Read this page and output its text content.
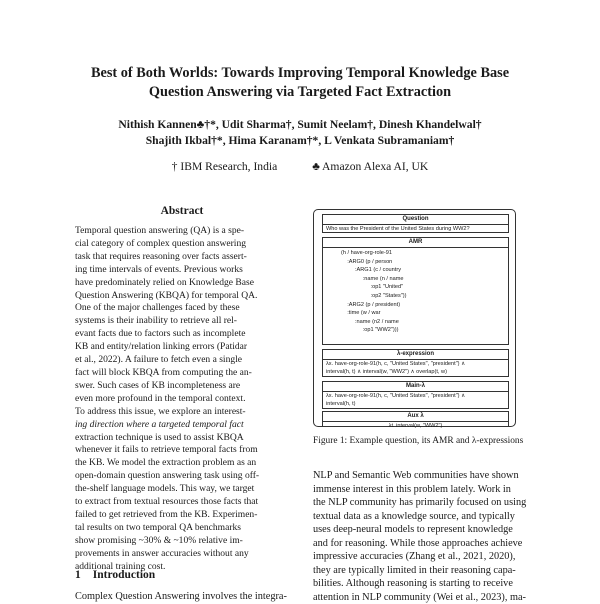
Best of Both Worlds: Towards Improving Temporal Knowledge Base
Question Answering via Targeted Fact Extraction
Nithish Kannen♣†*, Udit Sharma†, Sumit Neelam†, Dinesh Khandelwal†
Shajith Ikbal†*, Hima Karanam†*, L Venkata Subramaniam†
† IBM Research, India	♣ Amazon Alexa AI, UK
Abstract

Temporal question answering (QA) is a spe-

cial category of complex question answering

task that requires reasoning over facts assert-

ing time intervals of events. Previous works

have predominately relied on Knowledge Base

Question Answering (KBQA) for temporal QA.

One of the major challenges faced by these

systems is their inability to retrieve all rel-

evant facts due to factors such as incomplete

KB and entity/relation linking errors (Patidar

et al., 2022). A failure to fetch even a single

fact will block KBQA from computing the an-

swer. Such cases of KB incompleteness are

even more profound in the temporal context.

To address this issue, we explore an interest-

ing direction where a targeted temporal fact

extraction technique is used to assist KBQA

whenever it fails to retrieve temporal facts from

the KB. We model the extraction problem as an

open-domain question answering task using off-

the-shelf language models. This way, we target

to extract from textual resources those facts that

failed to get retrieved from the KB. Experimen-

tal results on two temporal QA benchmarks

show promising ~30% & ~10% relative im-

provements in answer accuracies without any

additional training cost.

1 Introduction
Complex Question Answering involves the integra-
Question
Who was the President of the United States during WW2?
AMR
(h / have-org-role-91
:ARG0 (p / person
:ARG1 (c / country
:name (n / name
:op1 "United"
:op2 "States"))
:ARG2 (p / president)
:time (w / war
:name (n2 / name
:op1 "WW2")))
λ-expression
λx. have-org-role-91(h, c, "United States", "president") ∧
interval(h, t) ∧ interval(w, "WW2") ∧ overlap(t, w)
Main-λ
λx. have-org-role-91(h, c, "United States", "president") ∧
interval(h, t)
Aux λ
λt. interval(w, "WW2")
Figure 1: Example question, its AMR and λ-expressions

NLP and Semantic Web communities have shown

immense interest in this problem lately. Work in

the NLP community has primarily focused on using

textual data as a knowledge source, and typically

uses deep-neural models to represent knowledge

and for reasoning. While those approaches achieve

impressive accuracies (Zhang et al., 2021, 2020),

they are typically limited in their reasoning capa-

bilities. Although reasoning is starting to receive

attention in NLP community (Wei et al., 2023), ma-
